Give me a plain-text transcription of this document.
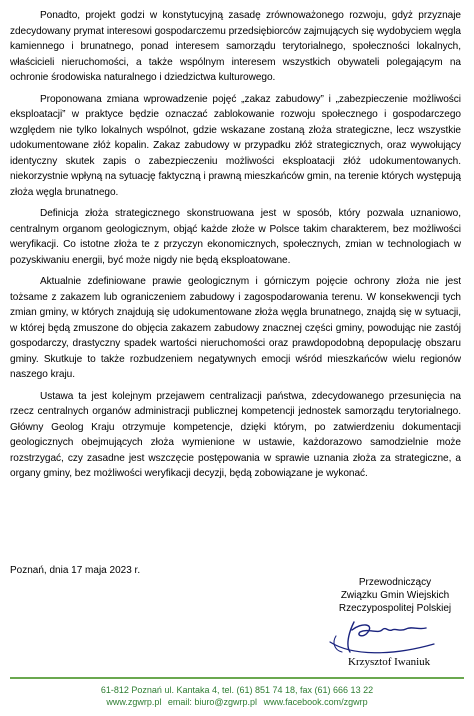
Ponadto, projekt godzi w konstytucyjną zasadę zrównoważonego rozwoju, gdyż przyznaje zdecydowany prymat interesowi gospodarczemu przedsiębiorców zajmujących się wydobyciem węgla kamiennego i brunatnego, ponad interesem samorządu terytorialnego, społeczności lokalnych, właścicieli nieruchomości, a także wspólnym interesem wszystkich obywateli polegającym na ochronie środowiska naturalnego i dziedzictwa kulturowego.

Proponowana zmiana wprowadzenie pojęć „zakaz zabudowy” i „zabezpieczenie możliwości eksploatacji” w praktyce będzie oznaczać zablokowanie rozwoju społecznego i gospodarczego względem nie tylko lokalnych wspólnot, gdzie wskazane zostaną złoża strategiczne, lecz wszystkie udokumentowane złóż kopalin. Zakaz zabudowy w przypadku złóż strategicznych, oraz wywołujący identyczny skutek zapis o zabezpieczeniu możliwości eksploatacji złóż udokumentowanych. niekorzystnie wpłyną na sytuację faktyczną i prawną mieszkańców gmin, na terenie których występują złoża węgla brunatnego.

Definicja złoża strategicznego skonstruowana jest w sposób, który pozwala uznaniowo, centralnym organom geologicznym, objąć każde złoże w Polsce takim charakterem, bez możliwości weryfikacji. Co istotne złoża te z przyczyn ekonomicznych, społecznych, zmian w technologiach w pozyskiwaniu energii, być może nigdy nie będą eksploatowane.

Aktualnie zdefiniowane prawie geologicznym i górniczym pojęcie ochrony złoża nie jest tożsame z zakazem lub ograniczeniem zabudowy i zagospodarowania terenu. W konsekwencji tych zmian gminy, w których znajdują się udokumentowane złoża węgla brunatnego, znajdą się w sytuacji, w której będą zmuszone do objęcia zakazem zabudowy znacznej części gminy, powodując nie zastój gospodarczy, drastyczny spadek wartości nieruchomości oraz prawdopodobną depopulację obszaru gminy. Skutkuje to także rozbudzeniem negatywnych emocji wśród mieszkańców wielu regionów naszego kraju.

Ustawa ta jest kolejnym przejawem centralizacji państwa, zdecydowanego przesunięcia na rzecz centralnych organów administracji publicznej kompetencji jednostek samorządu terytorialnego. Główny Geolog Kraju otrzymuje kompetencje, dzięki którym, po zatwierdzeniu dokumentacji geologicznych obejmujących złoża wymienione w ustawie, każdorazowo samodzielnie może rozstrzygać, czy zasadne jest wszczęcie postępowania w sprawie uznania złoża za strategiczne, a organy gminy, bez możliwości weryfikacji decyzji, będą zobowiązane je wykonać.

Poznań, dnia 17 maja 2023 r.
Przewodniczący
Związku Gmin Wiejskich
Rzeczypospolitej Polskiej
Krzysztof Iwaniuk
61-812 Poznań ul. Kantaka 4, tel. (61) 851 74 18, fax (61) 666 13 22
www.zgwrp.pl email: biuro@zgwrp.pl www.facebook.com/zgwrp
